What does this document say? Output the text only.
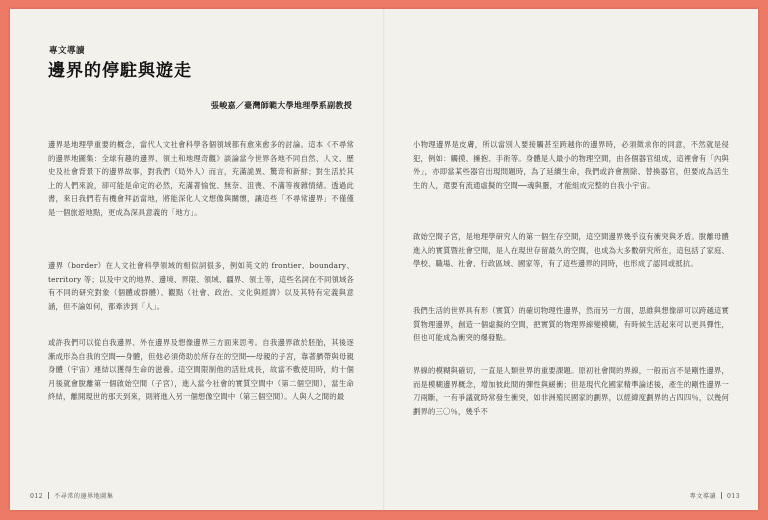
專文導讀
邊界的停駐與遊走
張峻嘉／臺灣師範大學地理學系副教授
邊界是地理學重要的概念，當代人文社會科學各個領域都有愈來愈多的討論。這本《不尋常的邊界地圖集：全球有趣的邊界、領土和地理奇觀》談論當今世界各地不同自然、人文、歷史及社會背景下的邊界故事，對我們（局外人）而言，充滿詭異、驚奇和新鮮；對生活於其上的人們來說，卻可能是命定的必然，充滿著愉悅、無奈、沮喪、不滿等複雜情緒。透過此書，來日我們若有機會拜訪當地，將能深化人文想像與關懷，讓這些「不尋常邊界」不僅僅是一個旅遊地點，更成為深具意義的「地方」。
邊界（border）在人文社會科學領域的相似詞很多，例如英文的 frontier、boundary、territory 等；以及中文的地界、邊境、界限、領域、疆界、領土等，這些名詞在不同領域各有不同的研究對象（個體或群體）、觀點（社會、政治、文化與經濟）以及其特有定義與意涵，但不論如何，都牽涉到「人」。
或許我們可以從自我邊界、外在邊界及想像邊界三方面來思考。自我邊界啟於胚胎，其後逐漸成形為自我的空間──身體，但他必須倚助於所存在的空間──母親的子宮，靠著臍帶與母親身體（宇宙）連結以獲得生命的滋養。這空間限制他的活壯成長，故當不敷使用時，約十個月後就會脫離第一個啟始空間（子宮），進入當今社會的實質空間中（第二個空間），當生命終結，離開現世的那天到來，則將進入另一個想像空間中（第三個空間）。人與人之間的最
012 不尋常的邊界地圖集
小物理邊界是皮膚，所以當別人要接觸甚至跨越你的邊界時，必須徵求你的同意，不然就是侵犯，例如：觸摸、擁抱、手術等。身體是人最小的物理空間，由各個器官組成，這裡會有「內與外」，亦即當某些器官出現問題時，為了延續生命，我們或許會割除、替換器官，但要成為活生生的人，還要有流通虛擬的空間──魂與靈，才能組成完整的自我小宇宙。
啟始空間子宮，是地理學研究人的第一個生存空間，這空間邊界幾乎沒有衝突與矛盾。脫離母體進入的實質暨社會空間，是人在現世存留最久的空間，也成為大多數研究所在，這包括了家庭、學校、職場、社會、行政區域、國家等，有了這些邊界的同時，也形成了認同或抵抗。
我們生活的世界具有形（實質）的確切物理性邊界，然而另一方面，思維與想像卻可以跨越這實質物理邊界，創造一個虛擬的空間，把實質的物理界線變模糊，有時候生活起來可以更具彈性，但也可能成為衝突的爆發點。
界線的模糊與確切，一直是人類世界的重要課題。原初社會間的界線，一般而言不是剛性邊界，而是模糊邊界概念，增加彼此間的彈性與緩衝；但是現代化國家精準論述後，產生的剛性邊界一刀兩斷，一有爭議就時常發生衝突，如非洲殖民國家的劃界，以經緯度劃界的占四四％，以幾何劃界的三〇％，幾乎不
專文導讀 013
